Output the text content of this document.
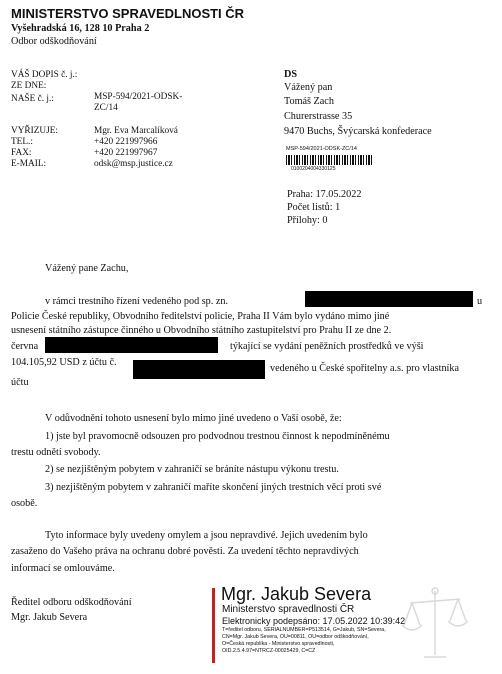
MINISTERSTVO SPRAVEDLNOSTI ČR
Vyšehradská 16, 128 10 Praha 2
Odbor odškodňování
VÁŠ DOPIS č. j.:
ZE DNE:
NAŠE č. j.:	MSP-594/2021-ODSK-
ZC/14
VYŘIZUJE:	Mgr. Eva Marcalíková
TEL.:	+420 221997966
FAX:	+420 221997967
E-MAIL:	odsk@msp.justice.cz
DS
Vážený pan
Tomáš Zach
Churerstrasse 35
9470 Buchs, Švýcarská konfederace
MSP-594/2021-ODSK-ZC/14
0100204004330125
Praha: 17.05.2022
Počet listů: 1
Přílohy: 0
Vážený pane Zachu,
v rámci trestního řízení vedeného pod sp. zn.	u
Policie České republiky, Obvodního ředitelství policie, Praha II Vám bylo vydáno mimo jiné
usnesení státního zástupce činného u Obvodního státního zastupitelství pro Prahu II ze dne 2.
června	týkající se vydání peněžních prostředků ve výši
104.105,92 USD z účtu č.
vedeného u České spořitelny a.s. pro vlastníka
účtu
V odůvodnění tohoto usnesení bylo mimo jiné uvedeno o Vaší osobě, že:
1) jste byl pravomocně odsouzen pro podvodnou trestnou činnost k nepodmíněnému
trestu odnětí svobody.
2) se nezjištěným pobytem v zahraničí se bráníte nástupu výkonu trestu.
3) nezjištěným pobytem v zahraničí maříte skončení jiných trestních věcí proti své
osobě.
Tyto informace byly uvedeny omylem a jsou nepravdivé. Jejich uvedením bylo
zasaženo do Vašeho práva na ochranu dobré pověsti. Za uvedení těchto nepravdivých
informací se omlouváme.
Ředitel odboru odškodňování
Mgr. Jakub Severa
Mgr. Jakub Severa
Ministerstvo spravedlnosti ČR
Elektronicky podepsáno: 17.05.2022 10:39:42
T=ředitel odboru, SERIALNUMBER=P513514, G=Jakub, SN=Severa,
CN=Mgr. Jakub Severa, OU=00811, OU=odbor odškodňování,
O=Česká republika - Ministerstvo spravedlnosti,
OID.2.5.4.97=NTRCZ-00025429, C=CZ
